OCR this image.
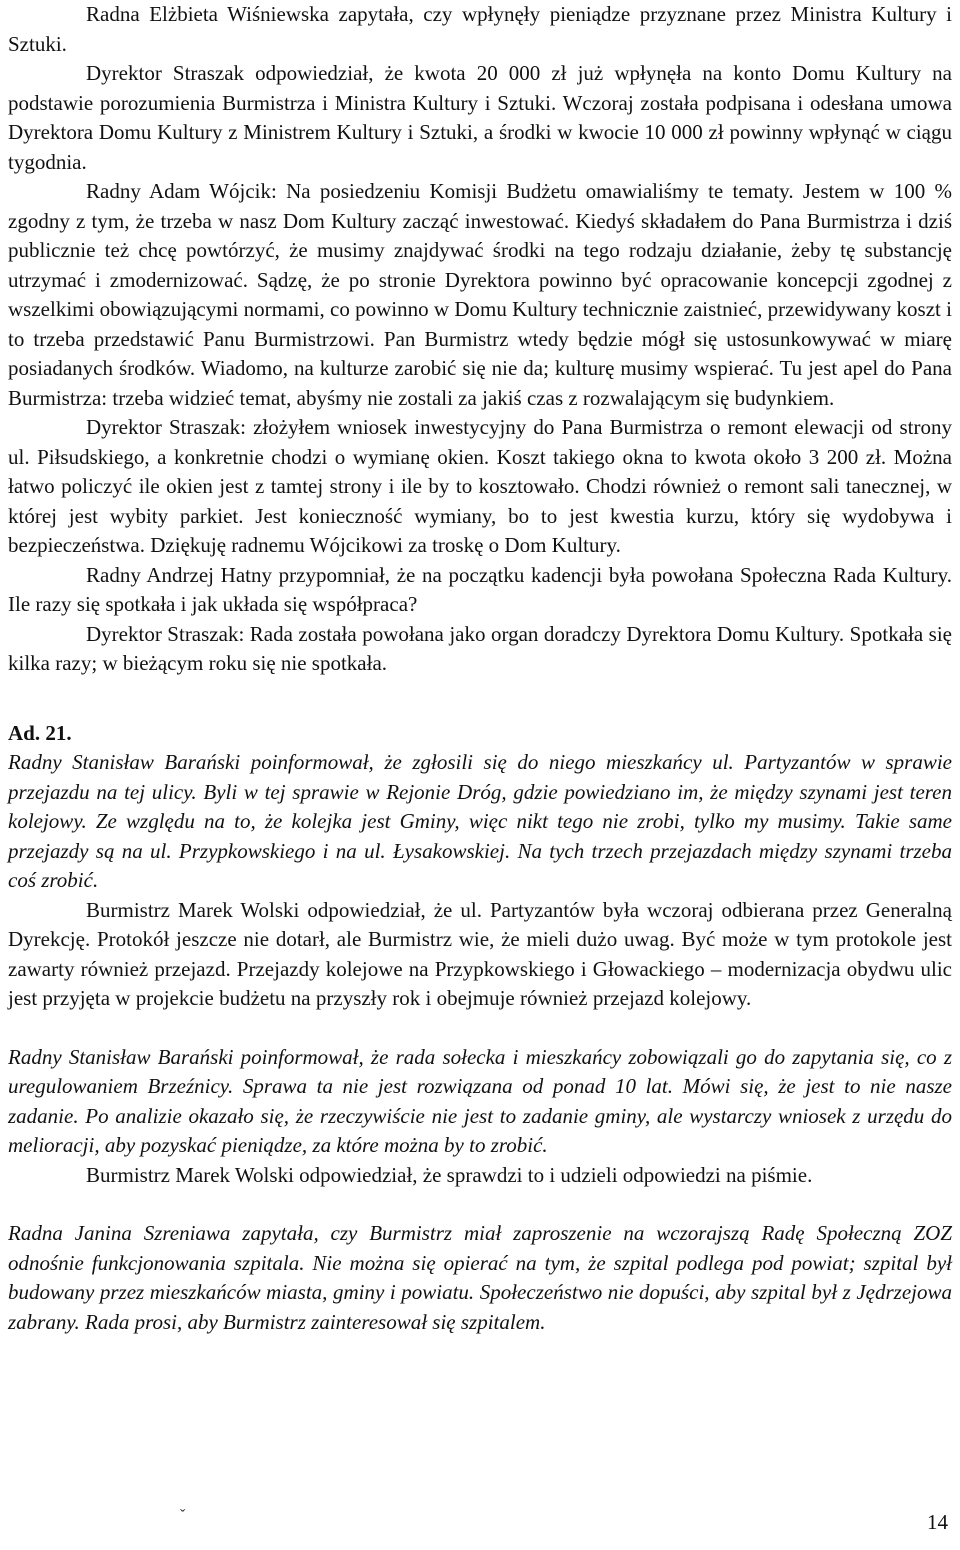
Radna Elżbieta Wiśniewska zapytała, czy wpłynęły pieniądze przyznane przez Ministra Kultury i Sztuki.

Dyrektor Straszak odpowiedział, że kwota 20 000 zł już wpłynęła na konto Domu Kultury na podstawie porozumienia Burmistrza i Ministra Kultury i Sztuki. Wczoraj została podpisana i odesłana umowa Dyrektora Domu Kultury z Ministrem Kultury i Sztuki, a środki w kwocie 10 000 zł powinny wpłynąć w ciągu tygodnia.

Radny Adam Wójcik: Na posiedzeniu Komisji Budżetu omawialiśmy te tematy. Jestem w 100 % zgodny z tym, że trzeba w nasz Dom Kultury zacząć inwestować. Kiedyś składałem do Pana Burmistrza i dziś publicznie też chcę powtórzyć, że musimy znajdywać środki na tego rodzaju działanie, żeby tę substancję utrzymać i zmodernizować. Sądzę, że po stronie Dyrektora powinno być opracowanie koncepcji zgodnej z wszelkimi obowiązującymi normami, co powinno w Domu Kultury technicznie zaistnieć, przewidywany koszt i to trzeba przedstawić Panu Burmistrzowi. Pan Burmistrz wtedy będzie mógł się ustosunkowywać w miarę posiadanych środków. Wiadomo, na kulturze zarobić się nie da; kulturę musimy wspierać. Tu jest apel do Pana Burmistrza: trzeba widzieć temat, abyśmy nie zostali za jakiś czas z rozwalającym się budynkiem.

Dyrektor Straszak: złożyłem wniosek inwestycyjny do Pana Burmistrza o remont elewacji od strony ul. Piłsudskiego, a konkretnie chodzi o wymianę okien. Koszt takiego okna to kwota około 3 200 zł. Można łatwo policzyć ile okien jest z tamtej strony i ile by to kosztowało. Chodzi również o remont sali tanecznej, w której jest wybity parkiet. Jest konieczność wymiany, bo to jest kwestia kurzu, który się wydobywa i bezpieczeństwa. Dziękuję radnemu Wójcikowi za troskę o Dom Kultury.

Radny Andrzej Hatny przypomniał, że na początku kadencji była powołana Społeczna Rada Kultury. Ile razy się spotkała i jak układa się współpraca?

Dyrektor Straszak: Rada została powołana jako organ doradczy Dyrektora Domu Kultury. Spotkała się kilka razy; w bieżącym roku się nie spotkała.

Ad. 21.

Radny Stanisław Barański poinformował, że zgłosili się do niego mieszkańcy ul. Partyzantów w sprawie przejazdu na tej ulicy. Byli w tej sprawie w Rejonie Dróg, gdzie powiedziano im, że między szynami jest teren kolejowy. Ze względu na to, że kolejka jest Gminy, więc nikt tego nie zrobi, tylko my musimy. Takie same przejazdy są na ul. Przypkowskiego i na ul. Łysakowskiej. Na tych trzech przejazdach między szynami trzeba coś zrobić.

Burmistrz Marek Wolski odpowiedział, że ul. Partyzantów była wczoraj odbierana przez Generalną Dyrekcję. Protokół jeszcze nie dotarł, ale Burmistrz wie, że mieli dużo uwag. Być może w tym protokole jest zawarty również przejazd. Przejazdy kolejowe na Przypkowskiego i Głowackiego – modernizacja obydwu ulic jest przyjęta w projekcie budżetu na przyszły rok i obejmuje również przejazd kolejowy.

Radny Stanisław Barański poinformował, że rada sołecka i mieszkańcy zobowiązali go do zapytania się, co z uregulowaniem Brzeźnicy. Sprawa ta nie jest rozwiązana od ponad 10 lat. Mówi się, że jest to nie nasze zadanie. Po analizie okazało się, że rzeczywiście nie jest to zadanie gminy, ale wystarczy wniosek z urzędu do melioracji, aby pozyskać pieniądze, za które można by to zrobić.

Burmistrz Marek Wolski odpowiedział, że sprawdzi to i udzieli odpowiedzi na piśmie.

Radna Janina Szreniawa zapytała, czy Burmistrz miał zaproszenie na wczorajszą Radę Społeczną ZOZ odnośnie funkcjonowania szpitala. Nie można się opierać na tym, że szpital podlega pod powiat; szpital był budowany przez mieszkańców miasta, gminy i powiatu. Społeczeństwo nie dopuści, aby szpital był z Jędrzejowa zabrany. Rada prosi, aby Burmistrz zainteresował się szpitalem.

ˇ	14
